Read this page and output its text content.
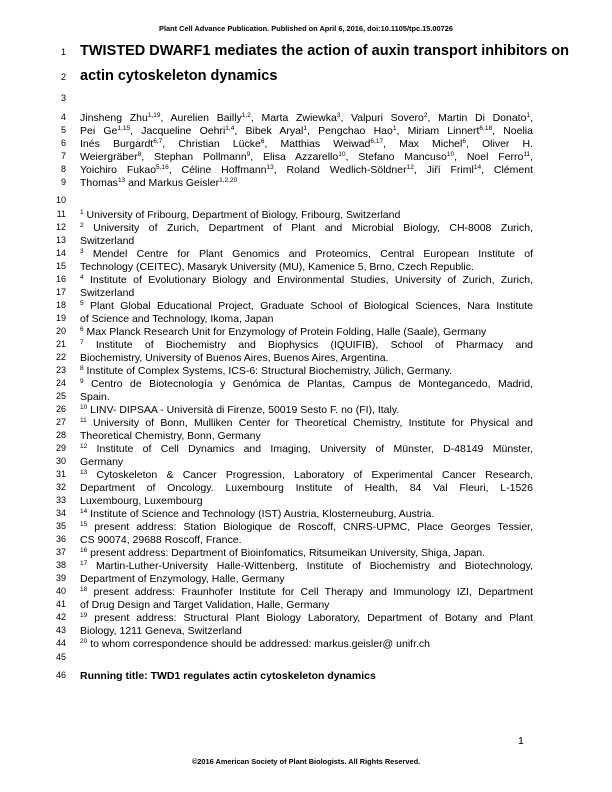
Plant Cell Advance Publication. Published on April 6, 2016, doi:10.1105/tpc.15.00726
1 TWISTED DWARF1 mediates the action of auxin transport inhibitors on
2 actin cytoskeleton dynamics
3
4 Jinsheng Zhu$^{1,19}$, Aurelien Bailly$^{1,2}$, Marta Zwiewka$^3$, Valpuri Sovero$^2$, Martin Di Donato$^1$,
5 Pei Ge$^{1,15}$, Jacqueline Oehri$^{1,4}$, Bibek Aryal$^1$, Pengchao Hao$^1$, Miriam Linnert$^{6,18}$, Noelia
6 Inés Burgardt$^{6,7}$, Christian Lücke$^6$, Matthias Weiwad$^{6,17}$, Max Michel$^6$, Oliver H.
7 Weiergräber$^8$, Stephan Pollmann$^9$, Elisa Azzarello$^{10}$, Stefano Mancuso$^{10}$, Noel Ferro$^{11}$,
8 Yoichiro Fukao$^{5,16}$, Céline Hoffmann$^{13}$, Roland Wedlich-Söldner$^{12}$, Jiří Friml$^{14}$, Clément
9 Thomas$^{13}$ and Markus Geisler$^{1,2,20}$
10
11 $^1$ University of Fribourg, Department of Biology, Fribourg, Switzerland
12 $^2$ University of Zurich, Department of Plant and Microbial Biology, CH-8008 Zurich,
13 Switzerland
14 $^3$ Mendel Centre for Plant Genomics and Proteomics, Central European Institute of
15 Technology (CEITEC), Masaryk University (MU), Kamenice 5, Brno, Czech Republic.
16 $^4$ Institute of Evolutionary Biology and Environmental Studies, University of Zurich, Zurich,
17 Switzerland
18 $^5$ Plant Global Educational Project, Graduate School of Biological Sciences, Nara Institute
19 of Science and Technology, Ikoma, Japan
20 $^6$ Max Planck Research Unit for Enzymology of Protein Folding, Halle (Saale), Germany
21 $^7$ Institute of Biochemistry and Biophysics (IQUIFIB), School of Pharmacy and
22 Biochemistry, University of Buenos Aires, Buenos Aires, Argentina.
23 $^8$ Institute of Complex Systems, ICS-6: Structural Biochemistry, Jülich, Germany.
24 $^9$ Centro de Biotecnología y Genómica de Plantas, Campus de Montegancedo, Madrid,
25 Spain.
26 $^{10}$ LINV- DIPSAA - Università di Firenze, 50019 Sesto F. no (FI), Italy.
27 $^{11}$ University of Bonn, Mulliken Center for Theoretical Chemistry, Institute for Physical and
28 Theoretical Chemistry, Bonn, Germany
29 $^{12}$ Institute of Cell Dynamics and Imaging, University of Münster, D-48149 Münster,
30 Germany
31 $^{13}$ Cytoskeleton & Cancer Progression, Laboratory of Experimental Cancer Research,
32 Department of Oncology. Luxembourg Institute of Health, 84 Val Fleuri, L-1526
33 Luxembourg, Luxembourg
34 $^{14}$ Institute of Science and Technology (IST) Austria, Klosterneuburg, Austria.
35 $^{15}$ present address: Station Biologique de Roscoff, CNRS-UPMC, Place Georges Tessier,
36 CS 90074, 29688 Roscoff, France.
37 $^{16}$ present address: Department of Bioinfomatics, Ritsumeikan University, Shiga, Japan.
38 $^{17}$ Martin-Luther-University Halle-Wittenberg, Institute of Biochemistry and Biotechnology,
39 Department of Enzymology, Halle, Germany
40 $^{18}$ present address: Fraunhofer Institute for Cell Therapy and Immunology IZI, Department
41 of Drug Design and Target Validation, Halle, Germany
42 $^{19}$ present address: Structural Plant Biology Laboratory, Department of Botany and Plant
43 Biology, 1211 Geneva, Switzerland
44 $^{20}$ to whom correspondence should be addressed: markus.geisler@ unifr.ch
45
46 Running title: TWD1 regulates actin cytoskeleton dynamics
1
©2016 American Society of Plant Biologists. All Rights Reserved.
